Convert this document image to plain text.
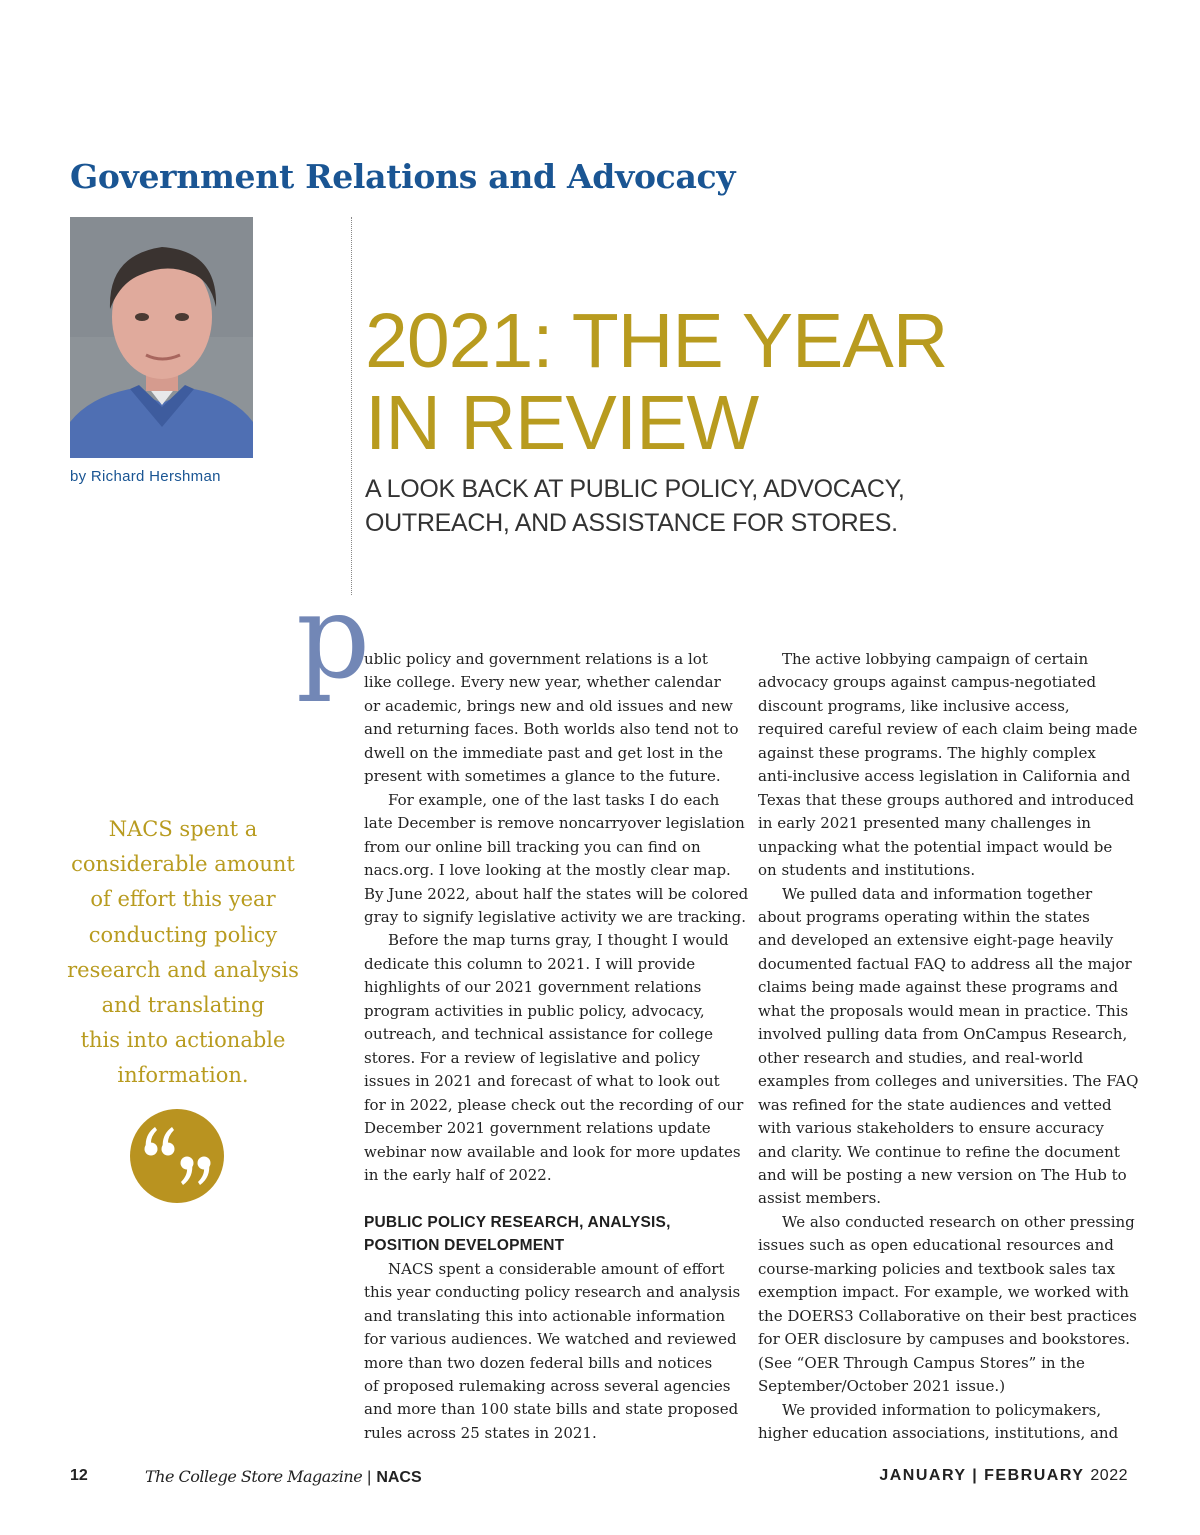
Government Relations and Advocacy
by Richard Hershman
2021: THE YEAR
IN REVIEW

A LOOK BACK AT PUBLIC POLICY, ADVOCACY,
OUTREACH, AND ASSISTANCE FOR STORES.

NACS spent a
considerable amount
of effort this year
conducting policy
research and analysis
and translating
this into actionable
information.

p
ublic policy and government relations is a lot
like college. Every new year, whether calendar
or academic, brings new and old issues and new
and returning faces. Both worlds also tend not to
dwell on the immediate past and get lost in the
present with sometimes a glance to the future.
For example, one of the last tasks I do each
late December is remove noncarryover legislation
from our online bill tracking you can find on
nacs.org. I love looking at the mostly clear map.
By June 2022, about half the states will be colored
gray to signify legislative activity we are tracking.
Before the map turns gray, I thought I would
dedicate this column to 2021. I will provide
highlights of our 2021 government relations
program activities in public policy, advocacy,
outreach, and technical assistance for college
stores. For a review of legislative and policy
issues in 2021 and forecast of what to look out
for in 2022, please check out the recording of our
December 2021 government relations update
webinar now available and look for more updates
in the early half of 2022.
PUBLIC POLICY RESEARCH, ANALYSIS,
POSITION DEVELOPMENT
NACS spent a considerable amount of effort
this year conducting policy research and analysis
and translating this into actionable information
for various audiences. We watched and reviewed
more than two dozen federal bills and notices
of proposed rulemaking across several agencies
and more than 100 state bills and state proposed
rules across 25 states in 2021.
The active lobbying campaign of certain
advocacy groups against campus-negotiated
discount programs, like inclusive access,
required careful review of each claim being made
against these programs. The highly complex
anti-inclusive access legislation in California and
Texas that these groups authored and introduced
in early 2021 presented many challenges in
unpacking what the potential impact would be
on students and institutions.
We pulled data and information together
about programs operating within the states
and developed an extensive eight-page heavily
documented factual FAQ to address all the major
claims being made against these programs and
what the proposals would mean in practice. This
involved pulling data from OnCampus Research,
other research and studies, and real-world
examples from colleges and universities. The FAQ
was refined for the state audiences and vetted
with various stakeholders to ensure accuracy
and clarity. We continue to refine the document
and will be posting a new version on The Hub to
assist members.
We also conducted research on other pressing
issues such as open educational resources and
course-marking policies and textbook sales tax
exemption impact. For example, we worked with
the DOERS3 Collaborative on their best practices
for OER disclosure by campuses and bookstores.
(See “OER Through Campus Stores” in the
September/October 2021 issue.)
We provided information to policymakers,
higher education associations, institutions, and
12	The College Store Magazine | NACS	JANUARY | FEBRUARY 2022
